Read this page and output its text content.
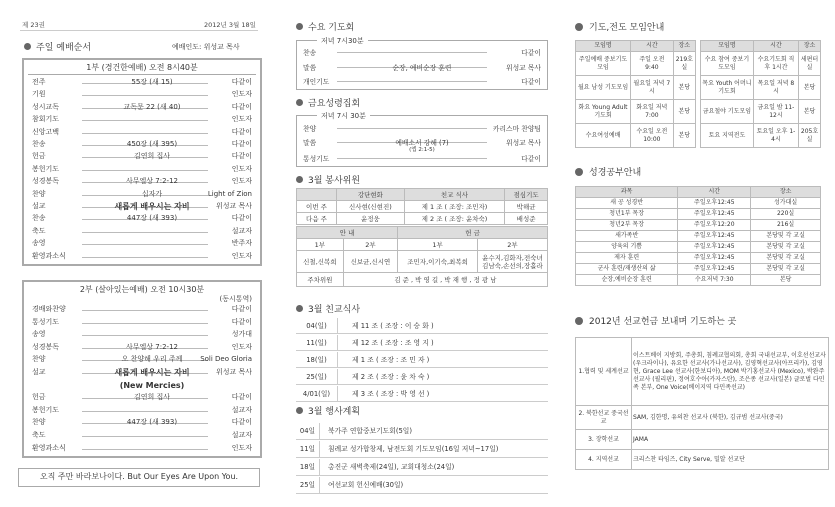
제 23권	2012년 3월 18일
주일 예배순서	예배인도: 위성교 목사
1부 (경건한예배) 오전 8시40분
전주	55장 (새 15)	다같이
기원	인도자
성시교독	교독문 22 (새 40)	다같이
참회기도	인도자
신앙고백	다같이
찬송	450장 (새 395)	다같이
헌금	김연희 집사	다같이
봉헌기도	인도자
성경봉독	사무엘상 7:2-12	인도자
찬양	십자가	Light of Zion
설교	새롭게 배우시는 자비	위성교 목사
찬송	447장 (새 393)	다같이
축도	설교자
송영	반주자
환영과소식	인도자
2부 (살아있는예배) 오전 10시30분
(동시통역)
경배와찬양	다같이
통성기도	다같이
송영	성가대
성경봉독	사무엘상 7:2-12	인도자
찬양	오 찬양해 우리 주께	Soli Deo Gloria
설교	새롭게 배우시는 자비	위성교 목사
(New Mercies)
헌금	김연희 집사	다같이
봉헌기도	설교자
찬양	447장 (새 393)	다같이
축도	설교자
환영과소식	인도자
오직 주만 바라보나이다. But Our Eyes Are Upon You.
수요 기도회
저녁 7시30분
찬송	다같이
말씀	순장, 예비순장 훈련	위성교 목사
개인기도	다같이
금요성령집회
저녁 7시 30분
찬양	카리스마 찬양팀
말씀	예배소서 강해 (7)	위성교 목사
(엡 2:1-5)
통성기도	다같이
3월 봉사위원
	강단현화	친교 식사	점심기도
이번 주	신사현(신현진)	제 1 조 ( 조장: 조민자)	박해균
다음 주	윤정웅	제 2 조 ( 조장: 윤차숙)	배성준
안 내		헌 금	
1부	2부	1부	2부
신철,신복희	신보균,신시연	조민자,이기숙,최복희	윤수지,김화자,전숙녀 김남숙,손선의,장홀라
주차위원	김 준 , 박 영 길 , 박 재 행 , 정 광 남		
3월 친교식사
04(일)	제 11 조 ( 조장 : 이 승 화 )
11(일)	제 12 조 ( 조장 : 조 영 지 )
18(일)	제 1 조 ( 조장 : 조 민 자 )
25(일)	제 2 조 ( 조장 : 윤 차 숙 )
4/01(일)	제 3 조 ( 조장 : 박 영 선 )
3월 행사계획
04일	북가주 연합중보기도회(5일)
11일	침례교 성가합창제, 남전도회 기도모임(16일 저녁~17일)
18일	총진군 새벽축제(24일), 교회대청소(24일)
25일	여선교회 헌신예배(30일)
기도,전도 모임안내
모임명	시간	장소
주일예배 중보기도모임	주일 오전 9:40	219호실
월요 남성 기도모임	월요일 저녁 7시	본당
화요 Young Adult 기도회	화요일 저녁7:00	본당
수요여성예배	수요일 오전 10:00	본당
모임명	시간	장소
수요 참여 중보기도모임	수요기도회 직후 1시간	세편터실
목요 Youth 어머니 기도회	목요일 저녁 8시	본당
금요철야 기도모임	금요일 밤 11-12시	본당
토요 지역전도	토요일 오후 1-4시	205호실
성경공부안내
과목	시간	장소
새 공 성경반	주일오후12:45	성가대실
청년1부 목장	주일오후12:45	220실
청년2부 목장	주일오후12:20	216실
새가족반	주일오후12:45	본당및 각 교실
양육의 기쁨	주일오후12:45	본당및 각 교실
제자 훈련	주일오후12:45	본당및 각 교실
군사 훈련/재생산의 삶	주일오후12:45	본당및 각 교실
순장,예비순장 훈련	수요저녁 7:30	본당
2012년 선교헌금 보내며 기도하는 곳
1.협력 및 세계선교	이스트베이 지방회, 주총회, 침례교협의회, 총회 국내선교부, 이호선선교사 (우크라이나), 유요한 선교사(가나선교사), 김영혁선교사(아프리카), 김영현, Grace Lee 선교사(한보디아), MOM 박기홍선교사 (Mexico), 박완주선교사 (필리핀), 정여호수아(카자스탄), 조은종 선교사(일본) 글로벌 다민족 본부, One Voice(베이지역 다민족선교)
2. 북한선교 중국선교	SAM, 김한명, 유의찬 선교사 (북한), 김규범 선교사(중국)
3. 장학선교	JAMA
4. 지역선교	크리스찬 타임즈, City Serve, 밀알 선교단
